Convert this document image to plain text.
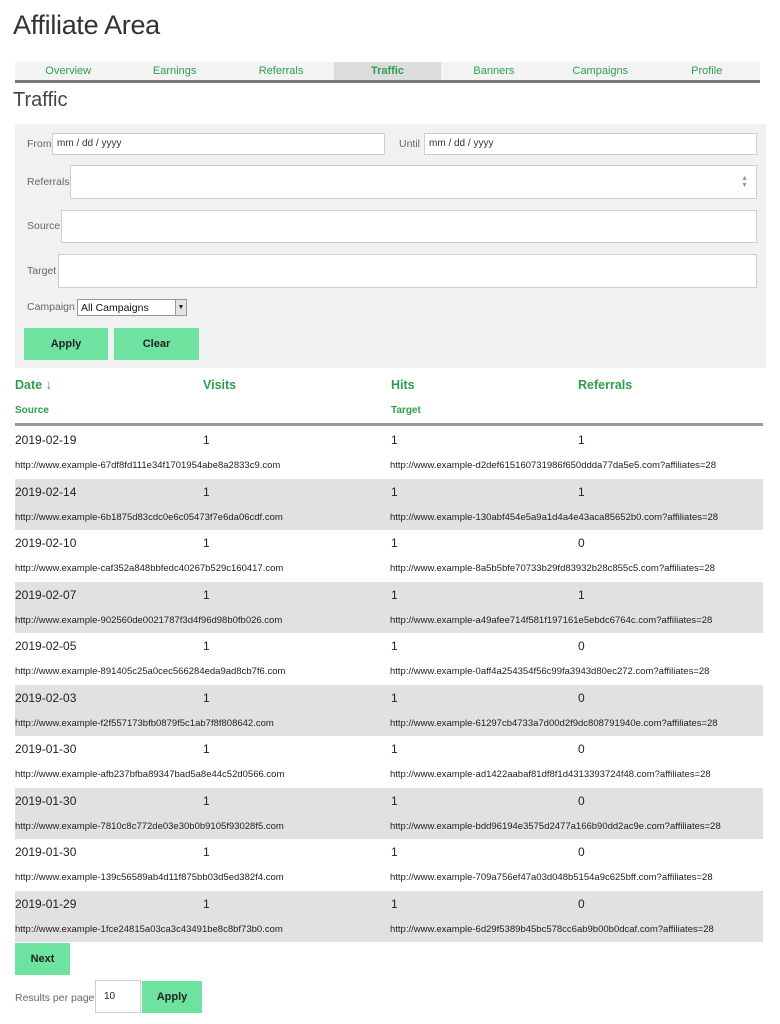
Affiliate Area
Overview	Earnings	Referrals	Traffic	Banners	Campaigns	Profile
Traffic
From mm / dd / yyyy	Until mm / dd / yyyy
Referrals	▲
▼
Source
Target
Campaign All Campaigns	▼
Apply	Clear
Date ↓	Visits	Hits	Referrals
Source	Target
2019-02-19	1	1	1
http://www.example-67df8fd111e34f1701954abe8a2833c9.com	http://www.example-d2def615160731986f650ddda77da5e5.com?affiliates=28
2019-02-14	1	1	1
http://www.example-6b1875d83cdc0e6c05473f7e6da06cdf.com	http://www.example-130abf454e5a9a1d4a4e43aca85652b0.com?affiliates=28
2019-02-10	1	1	0
http://www.example-caf352a848bbfedc40267b529c160417.com	http://www.example-8a5b5bfe70733b29fd83932b28c855c5.com?affiliates=28
2019-02-07	1	1	1
http://www.example-902560de0021787f3d4f96d98b0fb026.com	http://www.example-a49afee714f581f197161e5ebdc6764c.com?affiliates=28
2019-02-05	1	1	0
http://www.example-891405c25a0cec566284eda9ad8cb7f6.com	http://www.example-0aff4a254354f56c99fa3943d80ec272.com?affiliates=28
2019-02-03	1	1	0
http://www.example-f2f557173bfb0879f5c1ab7f8f808642.com	http://www.example-61297cb4733a7d00d2f9dc808791940e.com?affiliates=28
2019-01-30	1	1	0
http://www.example-afb237bfba89347bad5a8e44c52d0566.com	http://www.example-ad1422aabaf81df8f1d4313393724f48.com?affiliates=28
2019-01-30	1	1	0
http://www.example-7810c8c772de03e30b0b9105f93028f5.com	http://www.example-bdd96194e3575d2477a166b90dd2ac9e.com?affiliates=28
2019-01-30	1	1	0
http://www.example-139c56589ab4d11f875bb03d5ed382f4.com	http://www.example-709a756ef47a03d048b5154a9c625bff.com?affiliates=28
2019-01-29	1	1	0
http://www.example-1fce24815a03ca3c43491be8c8bf73b0.com	http://www.example-6d29f5389b45bc578cc6ab9b00b0dcaf.com?affiliates=28
Next
Results per page 10	Apply
